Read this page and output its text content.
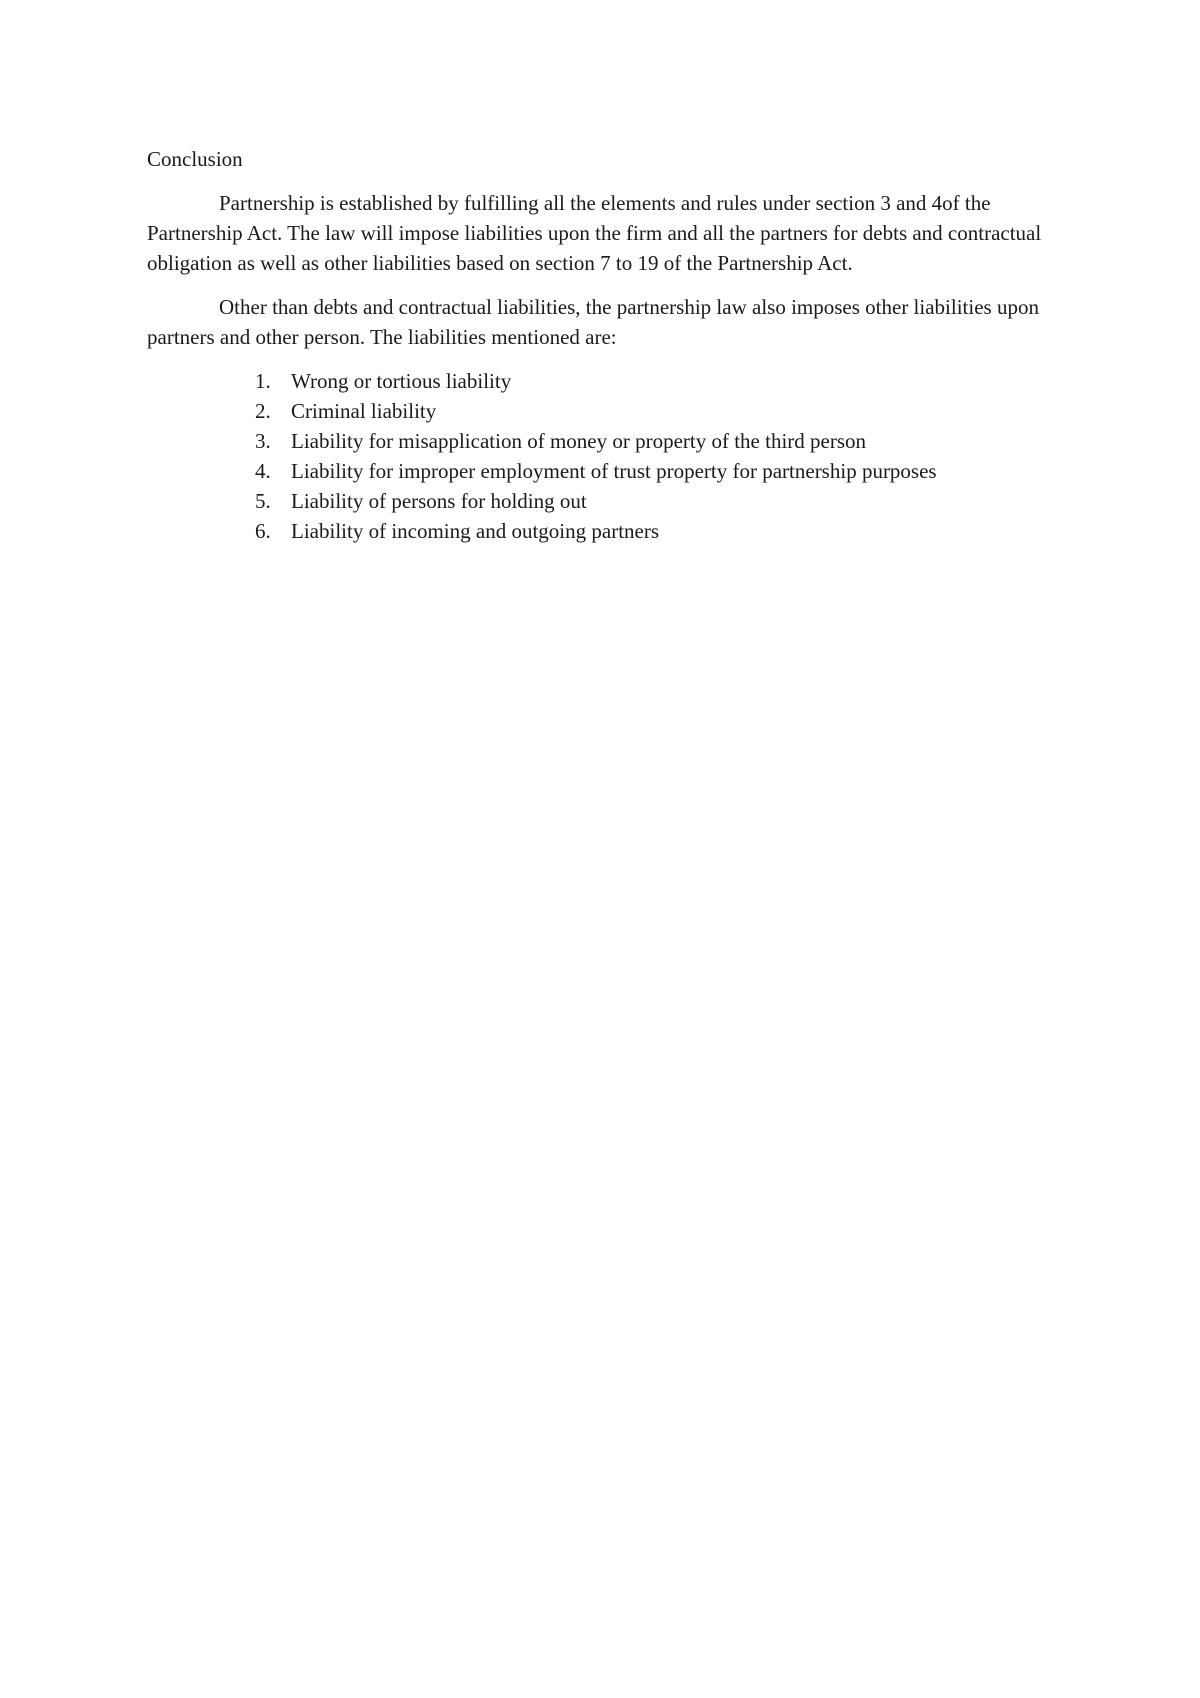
Conclusion

Partnership is established by fulfilling all the elements and rules under section 3 and 4of the Partnership Act. The law will impose liabilities upon the firm and all the partners for debts and contractual obligation as well as other liabilities based on section 7 to 19 of the Partnership Act.

Other than debts and contractual liabilities, the partnership law also imposes other liabilities upon partners and other person. The liabilities mentioned are:

1. Wrong or tortious liability
2. Criminal liability
3. Liability for misapplication of money or property of the third person
4. Liability for improper employment of trust property for partnership purposes
5. Liability of persons for holding out
6. Liability of incoming and outgoing partners
